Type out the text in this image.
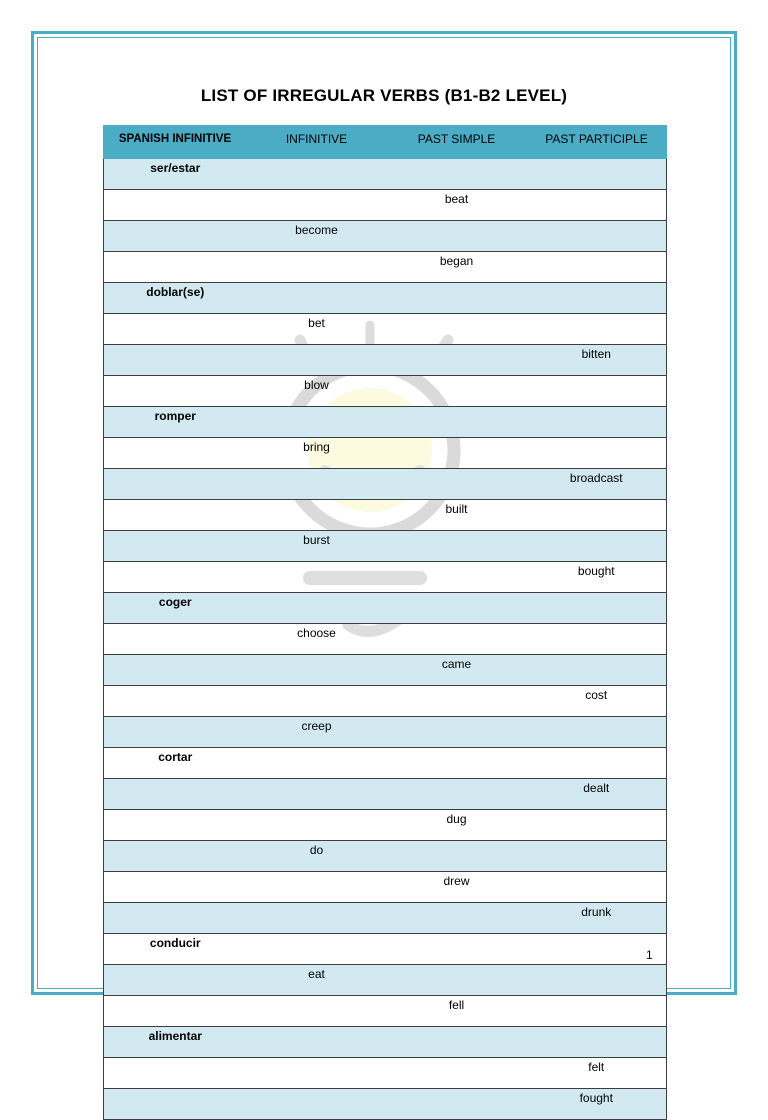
LIST OF IRREGULAR VERBS (B1-B2 LEVEL)
SPANISH INFINITIVE	INFINITIVE	PAST SIMPLE	PAST PARTICIPLE
ser/estar			
		beat	
	become		
		began	
doblar(se)			
	bet		
			bitten
	blow		
romper			
	bring		
			broadcast
		built	
	burst		
			bought
coger			
	choose		
		came	
			cost
	creep		
cortar			
			dealt
		dug	
	do		
		drew	
			drunk
conducir			
	eat		
		fell	
alimentar			
			felt
			fought
1
